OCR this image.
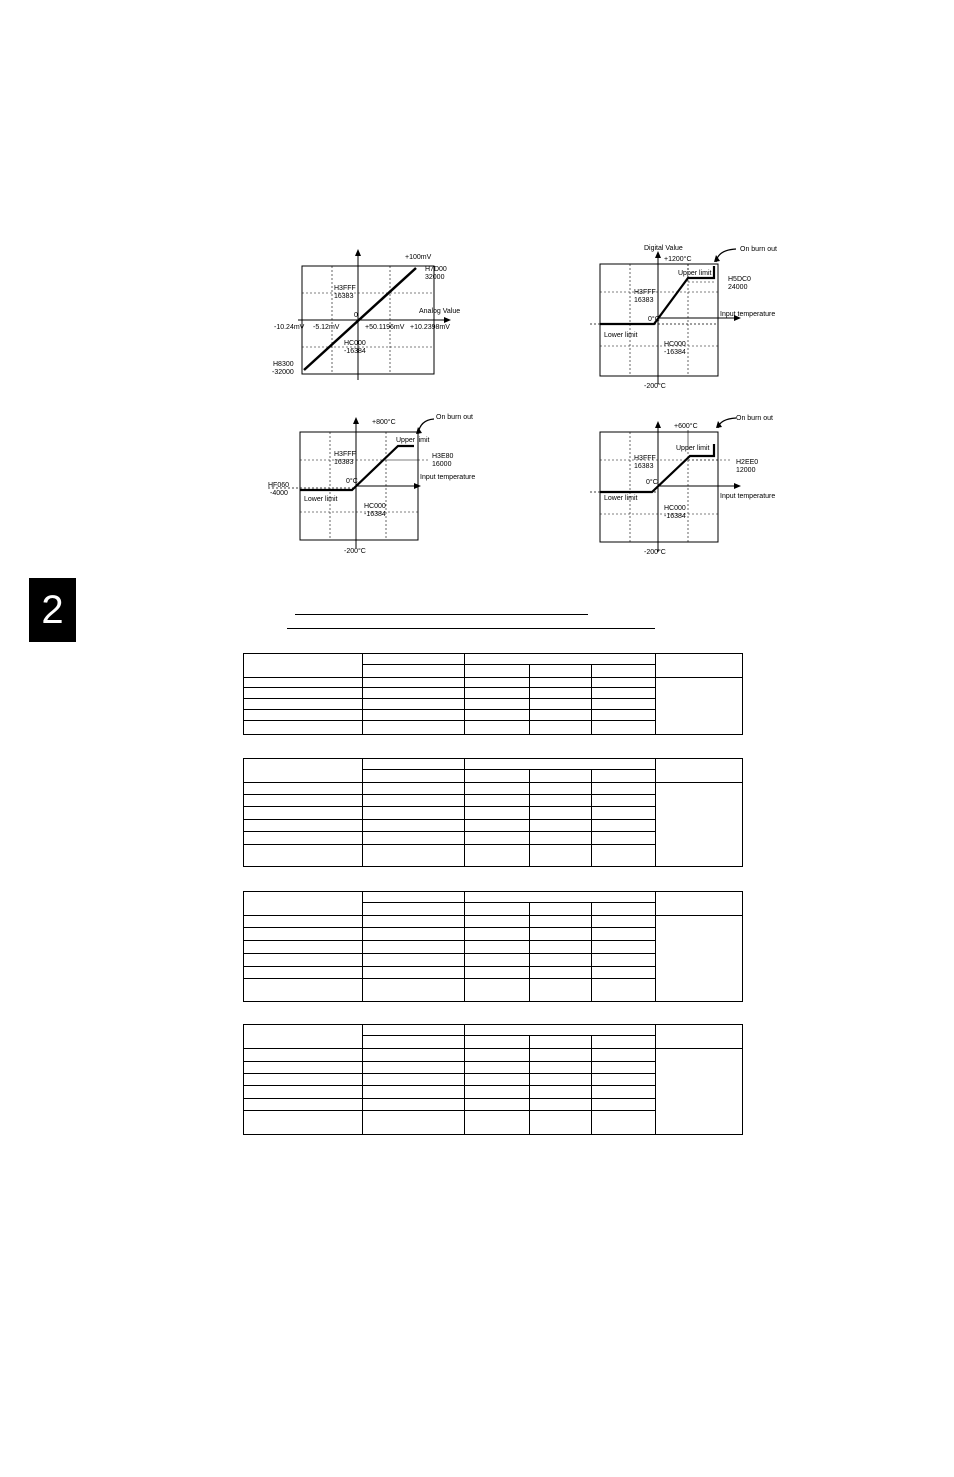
+100mV
H7D00
32000
H3FFF
16383
0
Analog Value
-10.24mV -5.12mV	+50.1196mV +10.2398mV
HC000
-16384
H8300
-32000
Digital Value	On burn out
+1200°C
Upper limit
H5DC0
24000
H3FFF
16383
0°C
Input temperature
Lower limit
HC000
-16384
-200°C
+800°C
On burn out
Upper limit
H3FFF
16383
H3E80
16000
0°C
Input temperature
HF060
-4000
Lower limit
HC000
-16384
-200°C
+600°C
On burn out
Upper limit
H3FFF
16383
H2EE0
12000
0°C
Input temperature
Lower limit
HC000
-16384
-200°C
2
